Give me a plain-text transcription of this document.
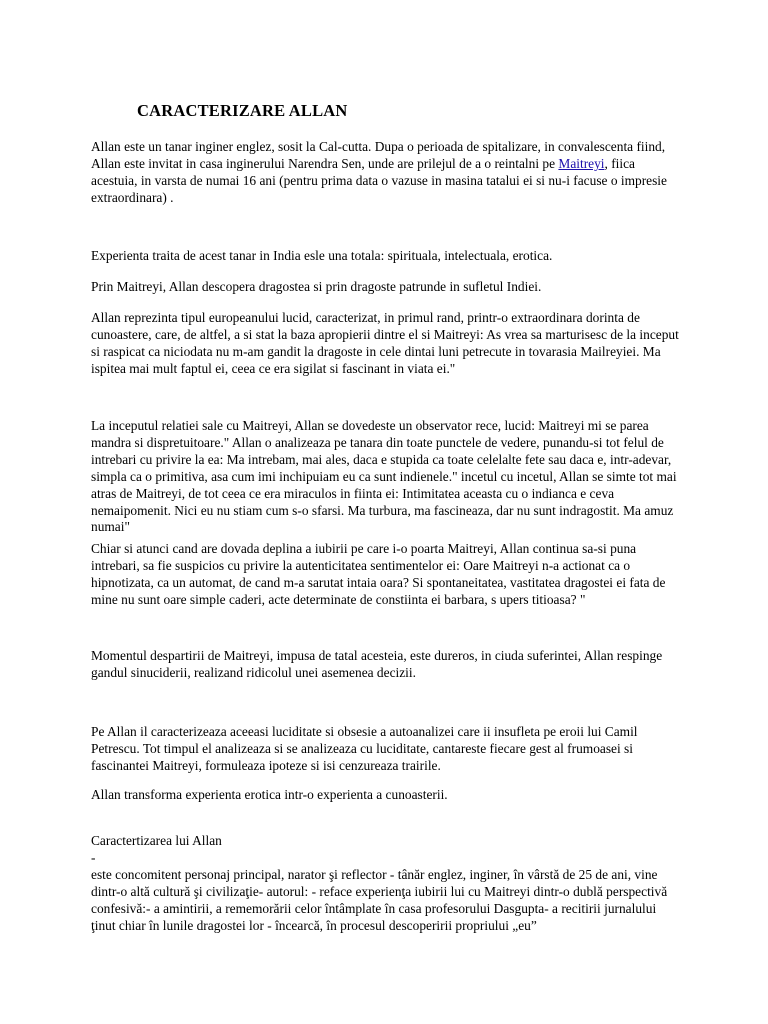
CARACTERIZARE ALLAN

Allan este un tanar inginer englez, sosit la Cal-cutta. Dupa o perioada de spitalizare, in convalescenta fiind, Allan este invitat in casa inginerului Narendra Sen, unde are prilejul de a o reintalni pe Maitreyi, fiica acestuia, in varsta de numai 16 ani (pentru prima data o vazuse in masina tatalui ei si nu-i facuse o impresie extraordinara) .

Experienta traita de acest tanar in India esle una totala: spirituala, intelectuala, erotica.

Prin Maitreyi, Allan descopera dragostea si prin dragoste patrunde in sufletul Indiei.

Allan reprezinta tipul europeanului lucid, caracterizat, in primul rand, printr-o extraordinara dorinta de cunoastere, care, de altfel, a si stat la baza apropierii dintre el si Maitreyi: As vrea sa marturisesc de la inceput si raspicat ca niciodata nu m-am gandit la dragoste in cele dintai luni petrecute in tovarasia Mailreyiei. Ma ispitea mai mult faptul ei, ceea ce era sigilat si fascinant in viata ei."

La inceputul relatiei sale cu Maitreyi, Allan se dovedeste un observator rece, lucid: Maitreyi mi se parea mandra si dispretuitoare." Allan o analizeaza pe tanara din toate punctele de vedere, punandu-si tot felul de intrebari cu privire la ea: Ma intrebam, mai ales, daca e stupida ca toate celelalte fete sau daca e, intr-adevar, simpla ca o primitiva, asa cum imi inchipuiam eu ca sunt indienele." incetul cu incetul, Allan se simte tot mai atras de Maitreyi, de tot ceea ce era miraculos in fiinta ei: Intimitatea aceasta cu o indianca e ceva nemaipomenit. Nici eu nu stiam cum s-o sfarsi. Ma turbura, ma fascineaza, dar nu sunt indragostit. Ma amuz numai"

Chiar si atunci cand are dovada deplina a iubirii pe care i-o poarta Maitreyi, Allan continua sa-si puna intrebari, sa fie suspicios cu privire la autenticitatea sentimentelor ei: Oare Maitreyi n-a actionat ca o hipnotizata, ca un automat, de cand m-a sarutat intaia oara? Si spontaneitatea, vastitatea dragostei ei fata de mine nu sunt oare simple caderi, acte determinate de constiinta ei barbara, s upers titioasa? "

Momentul despartirii de Maitreyi, impusa de tatal acesteia, este dureros, in ciuda suferintei, Allan respinge gandul sinuciderii, realizand ridicolul unei asemenea decizii.

Pe Allan il caracterizeaza aceeasi luciditate si obsesie a autoanalizei care ii insufleta pe eroii lui Camil Petrescu. Tot timpul el analizeaza si se analizeaza cu luciditate, cantareste fiecare gest al frumoasei si fascinantei Maitreyi, formuleaza ipoteze si isi cenzureaza trairile.

Allan transforma experienta erotica intr-o experienta a cunoasterii.

Caractertizarea lui Allan

-

este concomitent personaj principal, narator şi reflector - tânăr englez, inginer, în vârstă de 25 de ani, vine dintr-o altă cultură şi civilizaţie- autorul: - reface experienţa iubirii lui cu Maitreyi dintr-o dublă perspectivă confesivă:- a amintirii, a rememorării celor întâmplate în casa profesorului Dasgupta- a recitirii jurnalului ţinut chiar în lunile dragostei lor - încearcă, în procesul descoperirii propriului „eu”
